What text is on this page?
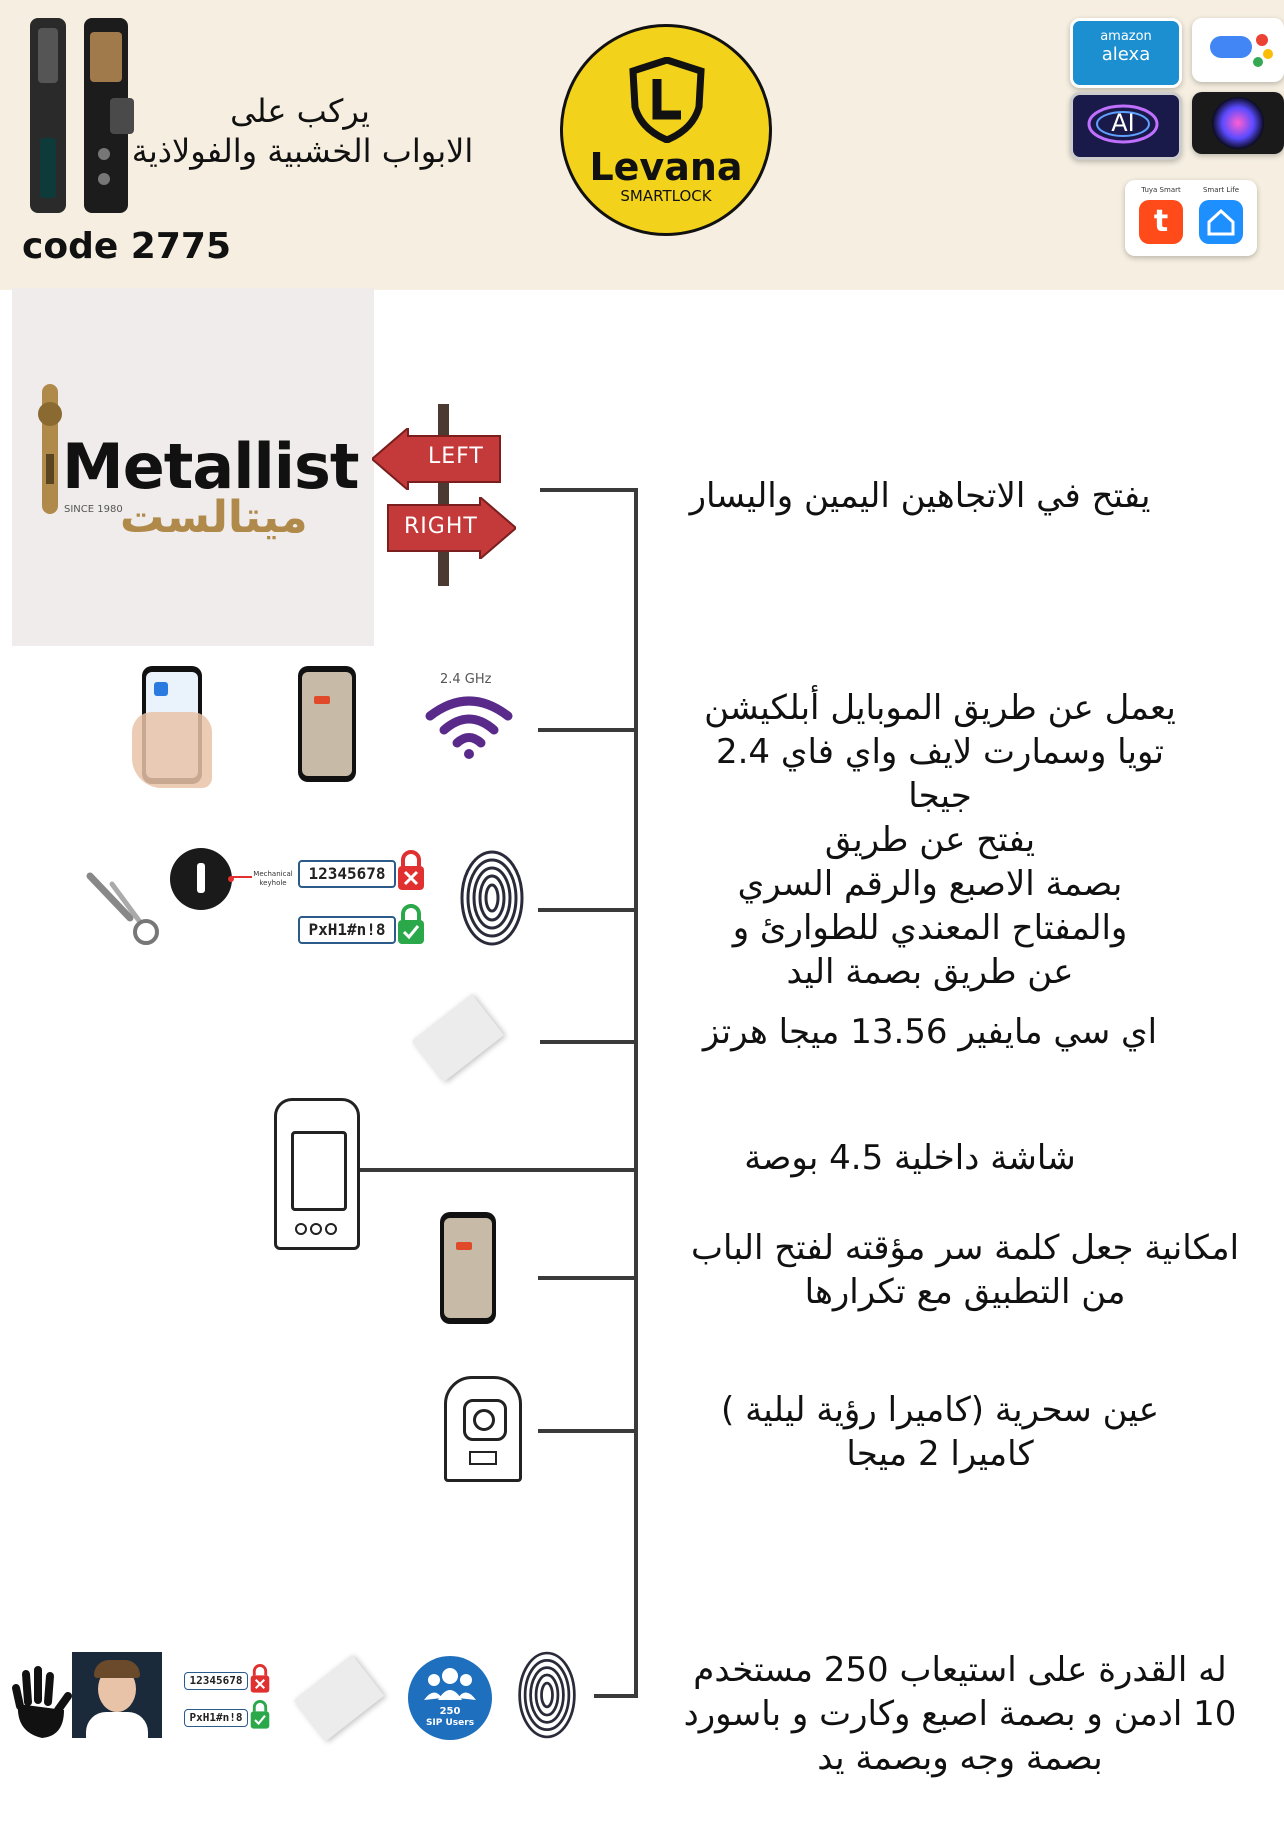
يركب على
الابواب الخشبية والفولاذية
code 2775
Levana
SMARTLOCK
amazon
alexa
AI
Tuya Smart	Smart Life
t
Metallist
SINCE 1980
ميتالست
LEFT
RIGHT
يفتح في الاتجاهين اليمين واليسار
يعمل عن طريق الموبايل أبلكيشن
تويا وسمارت لايف واي فاي 2.4 جيجا
يفتح عن طريق
بصمة الاصبع والرقم السري
والمفتاح المعندي للطوارئ و
عن طريق بصمة اليد
اي سي مايفير 13.56 ميجا هرتز
شاشة داخلية 4.5 بوصة
امكانية جعل كلمة سر مؤقته لفتح الباب
من التطبيق مع تكرارها
عين سحرية (كاميرا رؤية ليلية )
كاميرا 2 ميجا
له القدرة على استيعاب 250 مستخدم
10 ادمن و بصمة اصبع وكارت و باسورد
بصمة وجه وبصمة يد
2.4 GHz
Mechanical keyhole	12345678
PxH1#n!8
12345678
PxH1#n!8	250
SIP Users
